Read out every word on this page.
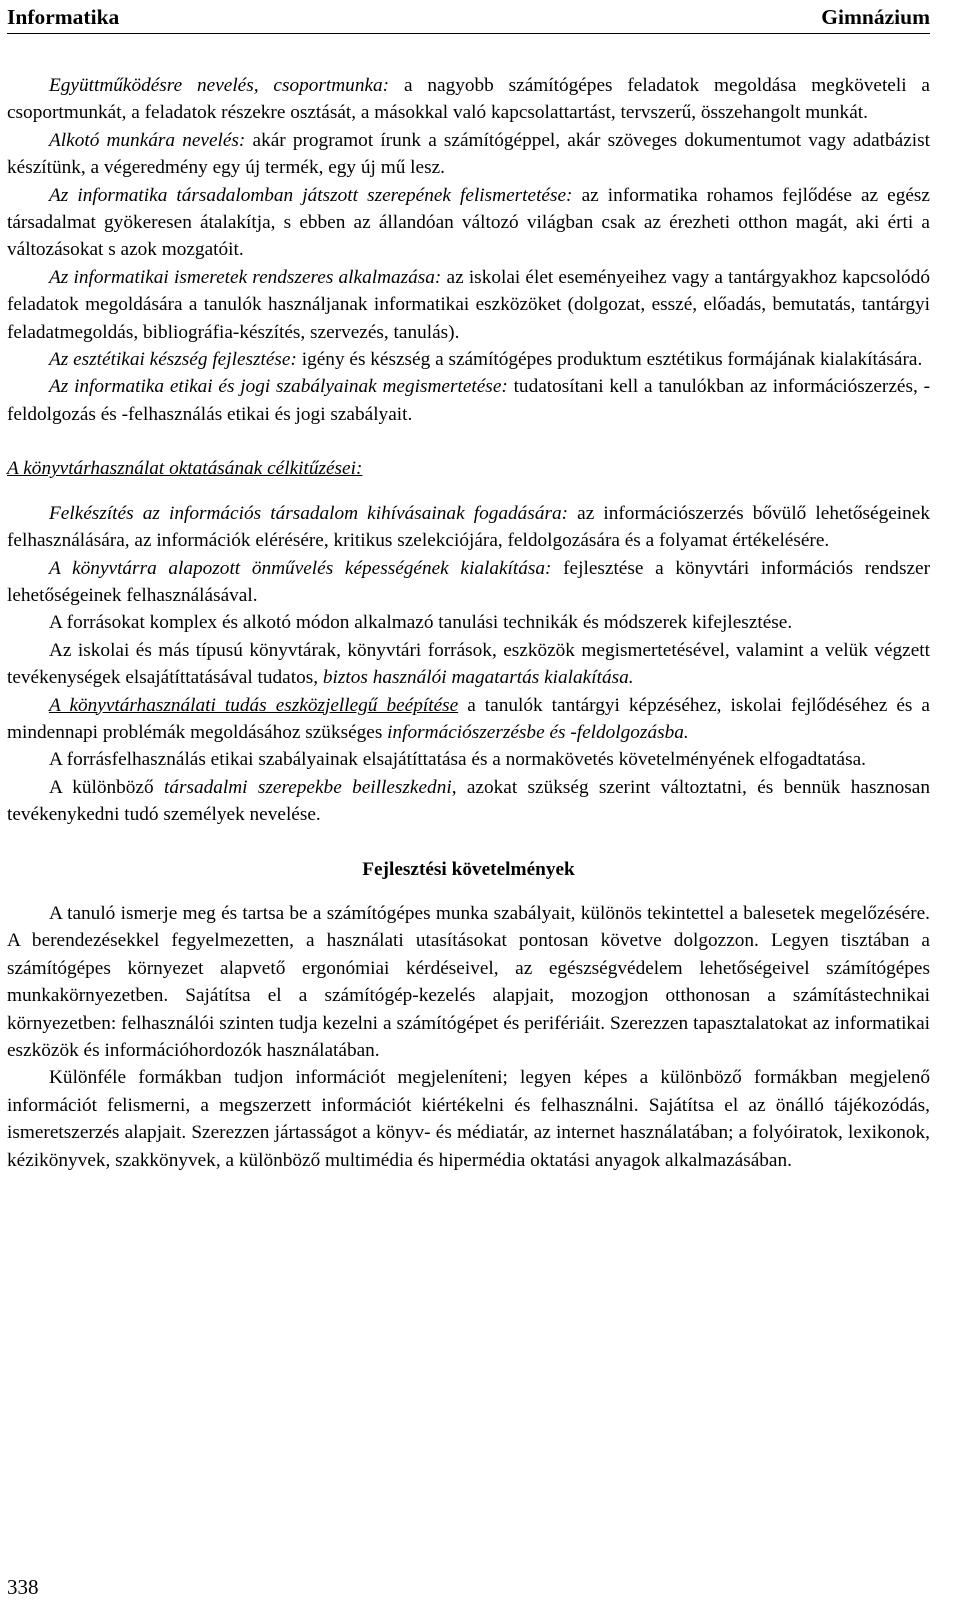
Informatika	Gimnázium

Együttműködésre nevelés, csoportmunka: a nagyobb számítógépes feladatok megoldása megköveteli a csoportmunkát, a feladatok részekre osztását, a másokkal való kapcsolattartást, tervszerű, összehangolt munkát.

Alkotó munkára nevelés: akár programot írunk a számítógéppel, akár szöveges dokumentumot vagy adatbázist készítünk, a végeredmény egy új termék, egy új mű lesz.

Az informatika társadalomban játszott szerepének felismertetése: az informatika rohamos fejlődése az egész társadalmat gyökeresen átalakítja, s ebben az állandóan változó világban csak az érezheti otthon magát, aki érti a változásokat s azok mozgatóit.

Az informatikai ismeretek rendszeres alkalmazása: az iskolai élet eseményeihez vagy a tantárgyakhoz kapcsolódó feladatok megoldására a tanulók használjanak informatikai eszközöket (dolgozat, esszé, előadás, bemutatás, tantárgyi feladatmegoldás, bibliográfia-készítés, szervezés, tanulás).

Az esztétikai készség fejlesztése: igény és készség a számítógépes produktum esztétikus formájának kialakítására.

Az informatika etikai és jogi szabályainak megismertetése: tudatosítani kell a tanulókban az információszerzés, -feldolgozás és -felhasználás etikai és jogi szabályait.

A könyvtárhasználat oktatásának célkitűzései:

Felkészítés az információs társadalom kihívásainak fogadására: az információszerzés bővülő lehetőségeinek felhasználására, az információk elérésére, kritikus szelekciójára, feldolgozására és a folyamat értékelésére.

A könyvtárra alapozott önművelés képességének kialakítása: fejlesztése a könyvtári információs rendszer lehetőségeinek felhasználásával.

A forrásokat komplex és alkotó módon alkalmazó tanulási technikák és módszerek kifejlesztése.

Az iskolai és más típusú könyvtárak, könyvtári források, eszközök megismertetésével, valamint a velük végzett tevékenységek elsajátíttatásával tudatos, biztos használói magatartás kialakítása.

A könyvtárhasználati tudás eszközjellegű beépítése a tanulók tantárgyi képzéséhez, iskolai fejlődéséhez és a mindennapi problémák megoldásához szükséges információszerzésbe és -feldolgozásba.

A forrásfelhasználás etikai szabályainak elsajátíttatása és a normakövetés követelményének elfogadtatása.

A különböző társadalmi szerepekbe beilleszkedni, azokat szükség szerint változtatni, és bennük hasznosan tevékenykedni tudó személyek nevelése.

Fejlesztési követelmények

A tanuló ismerje meg és tartsa be a számítógépes munka szabályait, különös tekintettel a balesetek megelőzésére. A berendezésekkel fegyelmezetten, a használati utasításokat pontosan követve dolgozzon. Legyen tisztában a számítógépes környezet alapvető ergonómiai kérdéseivel, az egészségvédelem lehetőségeivel számítógépes munkakörnyezetben. Sajátítsa el a számítógép-kezelés alapjait, mozogjon otthonosan a számítástechnikai környezetben: felhasználói szinten tudja kezelni a számítógépet és perifériáit. Szerezzen tapasztalatokat az informatikai eszközök és információhordozók használatában.

Különféle formákban tudjon információt megjeleníteni; legyen képes a különböző formákban megjelenő információt felismerni, a megszerzett információt kiértékelni és felhasználni. Sajátítsa el az önálló tájékozódás, ismeretszerzés alapjait. Szerezzen jártasságot a könyv- és médiatár, az internet használatában; a folyóiratok, lexikonok, kézikönyvek, szakkönyvek, a különböző multimédia és hipermédia oktatási anyagok alkalmazásában.

338
